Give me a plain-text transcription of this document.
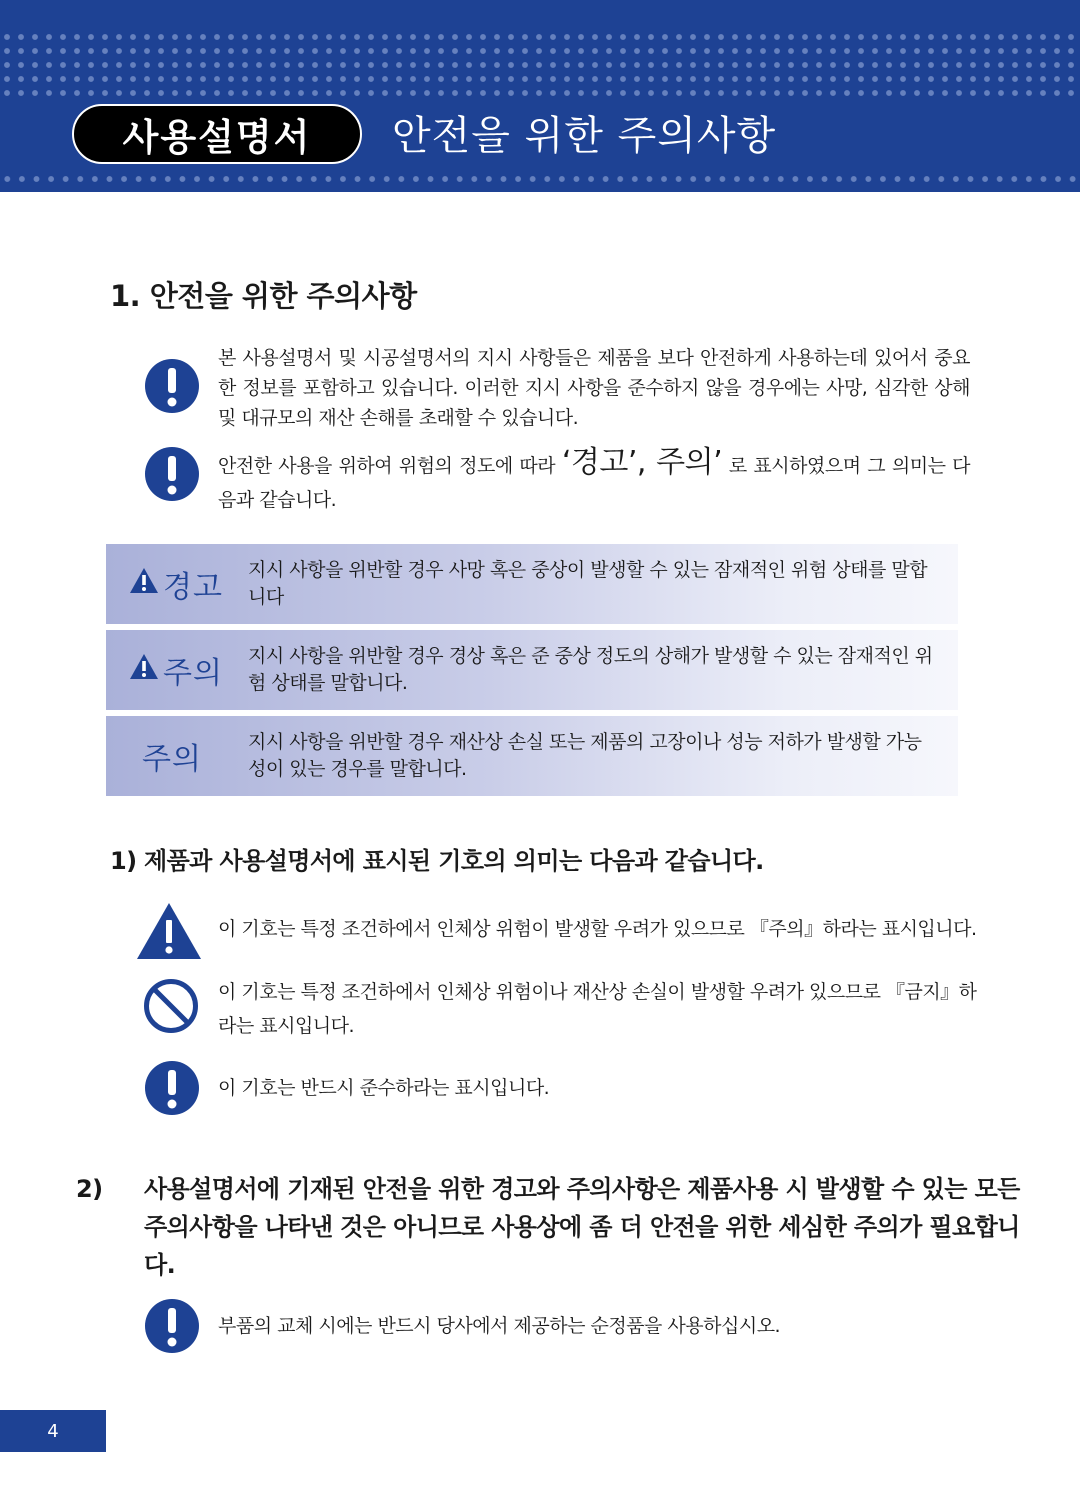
사용설명서	안전을 위한 주의사항
1. 안전을 위한 주의사항
본 사용설명서 및 시공설명서의 지시 사항들은 제품을 보다 안전하게 사용하는데 있어서 중요한 정보를 포함하고 있습니다. 이러한 지시 사항을 준수하지 않을 경우에는 사망, 심각한 상해 및 대규모의 재산 손해를 초래할 수 있습니다.
안전한 사용을 위하여 위험의 정도에 따라 ‘경고’, 주의’ 로 표시하였으며 그 의미는 다음과 같습니다.
경고 지시 사항을 위반할 경우 사망 혹은 중상이 발생할 수 있는 잠재적인 위험 상태를 말합니다
주의 지시 사항을 위반할 경우 경상 혹은 준 중상 정도의 상해가 발생할 수 있는 잠재적인 위험 상태를 말합니다.
주의	지시 사항을 위반할 경우 재산상 손실 또는 제품의 고장이나 성능 저하가 발생할 가능성이 있는 경우를 말합니다.
1) 제품과 사용설명서에 표시된 기호의 의미는 다음과 같습니다.
이 기호는 특정 조건하에서 인체상 위험이 발생할 우려가 있으므로 『주의』하라는 표시입니다.
이 기호는 특정 조건하에서 인체상 위험이나 재산상 손실이 발생할 우려가 있으므로 『금지』하라는 표시입니다.
이 기호는 반드시 준수하라는 표시입니다.
2) 사용설명서에 기재된 안전을 위한 경고와 주의사항은 제품사용 시 발생할 수 있는 모든 주의사항을 나타낸 것은 아니므로 사용상에 좀 더 안전을 위한 세심한 주의가 필요합니다.
부품의 교체 시에는 반드시 당사에서 제공하는 순정품을 사용하십시오.
4
